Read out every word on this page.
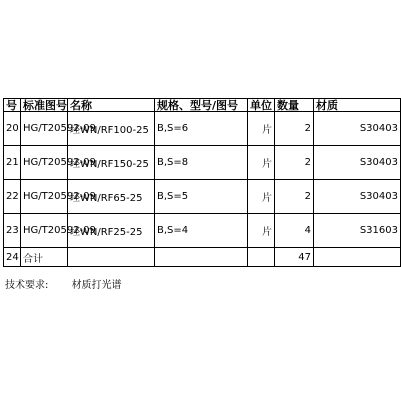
号	标准图号	名称	规格、型号/图号	单位	数量	材质
20	HG/T20592-09	坯WN/RF100-25	B,S=6	片	2	S30403
21	HG/T20592-09	坯WN/RF150-25	B,S=8	片	2	S30403
22	HG/T20592-09	坯WN/RF65-25	B,S=5	片	2	S30403
23	HG/T20592-09	坯WN/RF25-25	B,S=4	片	4	S31603
24	合计				47	
技术要求: 材质打光谱
